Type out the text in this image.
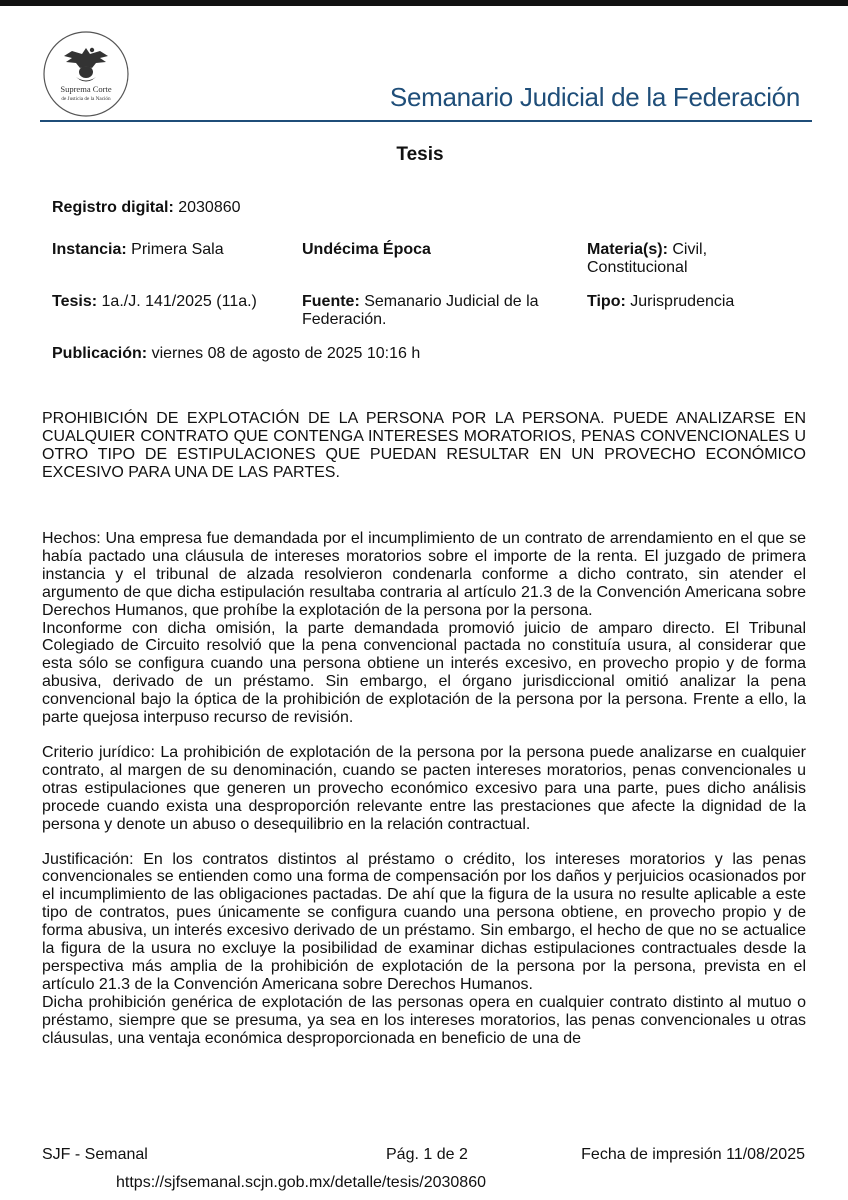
Suprema Corte
de Justicia de la Nación	Semanario Judicial de la Federación
Tesis
Registro digital: 2030860
Instancia: Primera Sala	Undécima Época	Materia(s): Civil,
Constitucional
Tesis: 1a./J. 141/2025 (11a.)	Fuente: Semanario Judicial de la
Federación.
Tipo: Jurisprudencia
Publicación: viernes 08 de agosto de 2025 10:16 h
PROHIBICIÓN DE EXPLOTACIÓN DE LA PERSONA POR LA PERSONA. PUEDE ANALIZARSE EN CUALQUIER CONTRATO QUE CONTENGA INTERESES MORATORIOS, PENAS CONVENCIONALES U OTRO TIPO DE ESTIPULACIONES QUE PUEDAN RESULTAR EN UN PROVECHO ECONÓMICO EXCESIVO PARA UNA DE LAS PARTES.

Hechos: Una empresa fue demandada por el incumplimiento de un contrato de arrendamiento en el que se había pactado una cláusula de intereses moratorios sobre el importe de la renta. El juzgado de primera instancia y el tribunal de alzada resolvieron condenarla conforme a dicho contrato, sin atender el argumento de que dicha estipulación resultaba contraria al artículo 21.3 de la Convención Americana sobre Derechos Humanos, que prohíbe la explotación de la persona por la persona.

Inconforme con dicha omisión, la parte demandada promovió juicio de amparo directo. El Tribunal Colegiado de Circuito resolvió que la pena convencional pactada no constituía usura, al considerar que esta sólo se configura cuando una persona obtiene un interés excesivo, en provecho propio y de forma abusiva, derivado de un préstamo. Sin embargo, el órgano jurisdiccional omitió analizar la pena convencional bajo la óptica de la prohibición de explotación de la persona por la persona. Frente a ello, la parte quejosa interpuso recurso de revisión.

Criterio jurídico: La prohibición de explotación de la persona por la persona puede analizarse en cualquier contrato, al margen de su denominación, cuando se pacten intereses moratorios, penas convencionales u otras estipulaciones que generen un provecho económico excesivo para una parte, pues dicho análisis procede cuando exista una desproporción relevante entre las prestaciones que afecte la dignidad de la persona y denote un abuso o desequilibrio en la relación contractual.

Justificación: En los contratos distintos al préstamo o crédito, los intereses moratorios y las penas convencionales se entienden como una forma de compensación por los daños y perjuicios ocasionados por el incumplimiento de las obligaciones pactadas. De ahí que la figura de la usura no resulte aplicable a este tipo de contratos, pues únicamente se configura cuando una persona obtiene, en provecho propio y de forma abusiva, un interés excesivo derivado de un préstamo. Sin embargo, el hecho de que no se actualice la figura de la usura no excluye la posibilidad de examinar dichas estipulaciones contractuales desde la perspectiva más amplia de la prohibición de explotación de la persona por la persona, prevista en el artículo 21.3 de la Convención Americana sobre Derechos Humanos.

Dicha prohibición genérica de explotación de las personas opera en cualquier contrato distinto al mutuo o préstamo, siempre que se presuma, ya sea en los intereses moratorios, las penas convencionales u otras cláusulas, una ventaja económica desproporcionada en beneficio de una de

SJF - Semanal	Pág. 1 de 2	Fecha de impresión 11/08/2025
https://sjfsemanal.scjn.gob.mx/detalle/tesis/2030860
